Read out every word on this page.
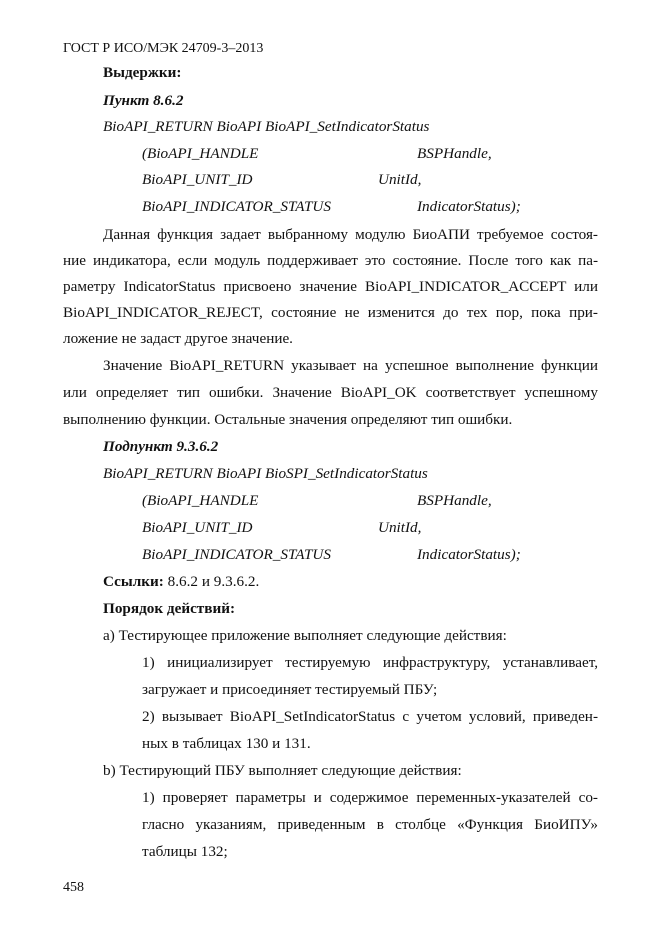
ГОСТ Р ИСО/МЭК 24709-3–2013
Выдержки:
Пункт 8.6.2
BioAPI_RETURN BioAPI BioAPI_SetIndicatorStatus
(BioAPI_HANDLE	BSPHandle,
BioAPI_UNIT_ID	UnitId,
BioAPI_INDICATOR_STATUS	IndicatorStatus);
Данная функция задает выбранному модулю БиоАПИ требуемое состоя-
ние индикатора, если модуль поддерживает это состояние. После того как па-
раметру IndicatorStatus присвоено значение BioAPI_INDICATOR_ACCEPT или
BioAPI_INDICATOR_REJECT, состояние не изменится до тех пор, пока при-
ложение не задаст другое значение.
Значение BioAPI_RETURN указывает на успешное выполнение функции
или определяет тип ошибки. Значение BioAPI_OK соответствует успешному
выполнению функции. Остальные значения определяют тип ошибки.
Подпункт 9.3.6.2
BioAPI_RETURN BioAPI BioSPI_SetIndicatorStatus
(BioAPI_HANDLE	BSPHandle,
BioAPI_UNIT_ID	UnitId,
BioAPI_INDICATOR_STATUS	IndicatorStatus);
Ссылки: 8.6.2 и 9.3.6.2.
Порядок действий:
а) Тестирующее приложение выполняет следующие действия:
1) инициализирует тестируемую инфраструктуру, устанавливает,
загружает и присоединяет тестируемый ПБУ;
2) вызывает BioAPI_SetIndicatorStatus с учетом условий, приведен-
ных в таблицах 130 и 131.
b) Тестирующий ПБУ выполняет следующие действия:
1) проверяет параметры и содержимое переменных-указателей со-
гласно указаниям, приведенным в столбце «Функция БиоИПУ»
таблицы 132;
458
